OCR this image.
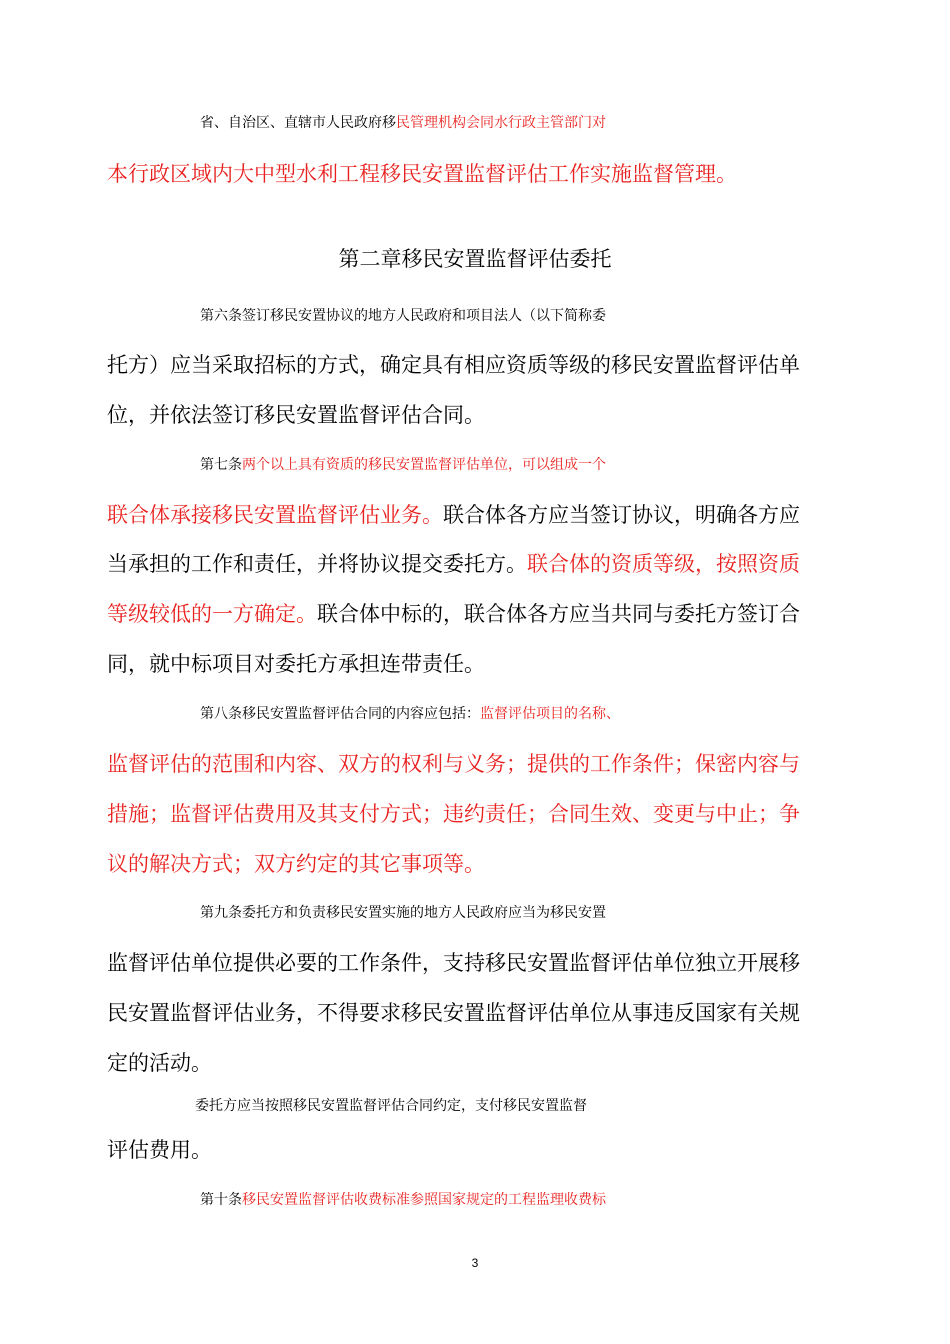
第二章移民安置监督评估委托
省、自治区、直辖市人民政府移民管理机构会同水行政主管部门对
本行政区域内大中型水利工程移民安置监督评估工作实施监督管理。
第六条签订移民安置协议的地方人民政府和项目法人（以下简称委
托方）应当采取招标的方式，确定具有相应资质等级的移民安置监督评估单
位，并依法签订移民安置监督评估合同。
第七条两个以上具有资质的移民安置监督评估单位，可以组成一个
联合体承接移民安置监督评估业务。联合体各方应当签订协议，明确各方应
当承担的工作和责任，并将协议提交委托方。联合体的资质等级，按照资质
等级较低的一方确定。联合体中标的，联合体各方应当共同与委托方签订合
同，就中标项目对委托方承担连带责任。
第八条移民安置监督评估合同的内容应包括：监督评估项目的名称、
监督评估的范围和内容、双方的权利与义务；提供的工作条件；保密内容与
措施；监督评估费用及其支付方式；违约责任；合同生效、变更与中止；争
议的解决方式；双方约定的其它事项等。
第九条委托方和负责移民安置实施的地方人民政府应当为移民安置
监督评估单位提供必要的工作条件，支持移民安置监督评估单位独立开展移
民安置监督评估业务，不得要求移民安置监督评估单位从事违反国家有关规
定的活动。
委托方应当按照移民安置监督评估合同约定，支付移民安置监督
评估费用。
第十条移民安置监督评估收费标准参照国家规定的工程监理收费标
3
